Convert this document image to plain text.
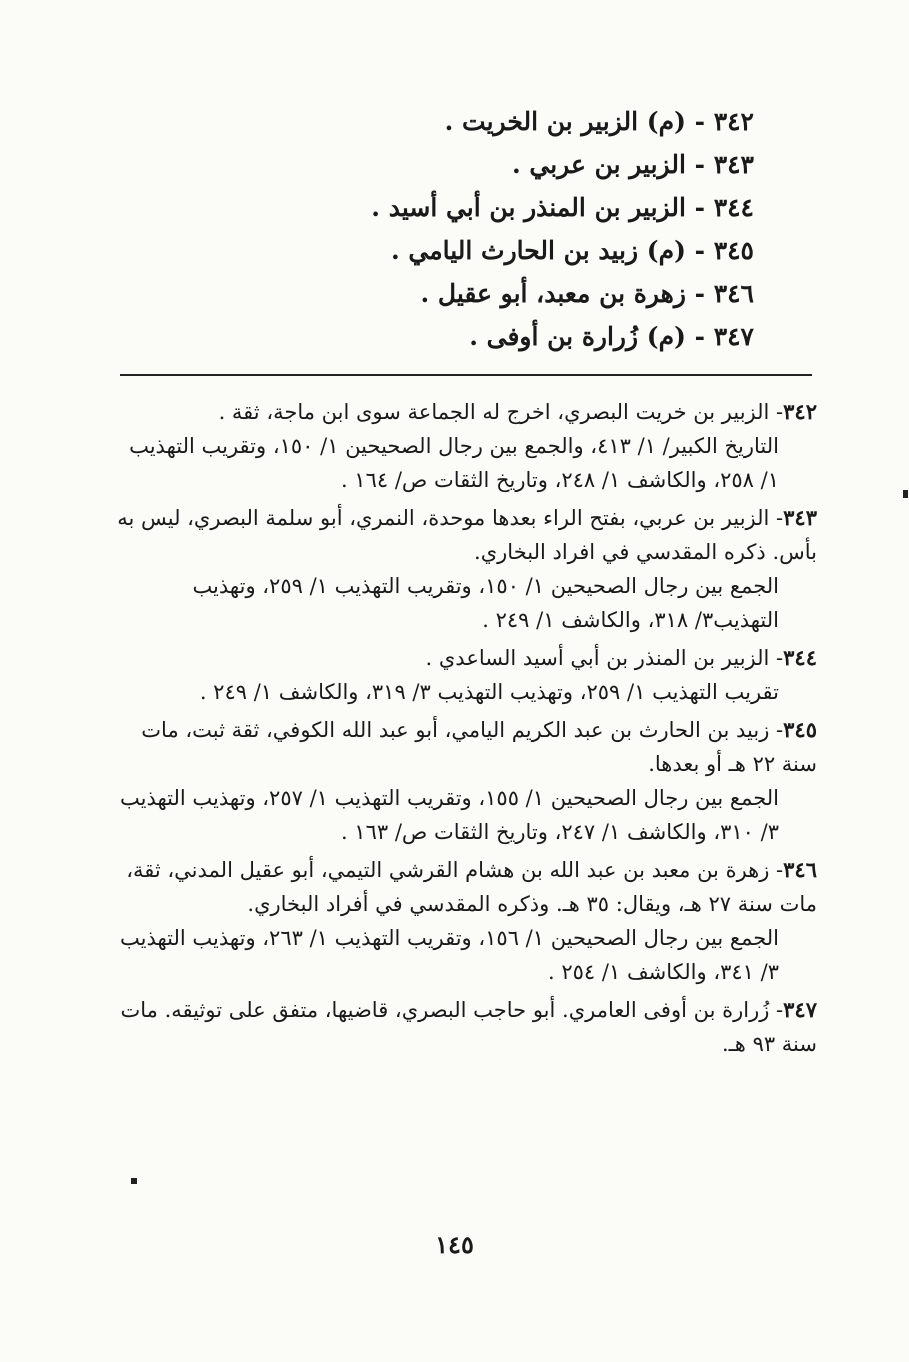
٣٤٢ - (م) الزبير بن الخريت .
٣٤٣ - الزبير بن عربي .
٣٤٤ - الزبير بن المنذر بن أبي أسيد .
٣٤٥ - (م) زبيد بن الحارث اليامي .
٣٤٦ - زهرة بن معبد، أبو عقيل .
٣٤٧ - (م) زُرارة بن أوفى .

٣٤٢- الزبير بن خريت البصري، اخرج له الجماعة سوى ابن ماجة، ثقة .

التاريخ الكبير/ ١/ ٤١٣، والجمع بين رجال الصحيحين ١/ ١٥٠، وتقريب التهذيب ١/ ٢٥٨، والكاشف ١/ ٢٤٨، وتاريخ الثقات ص/ ١٦٤ .

٣٤٣- الزبير بن عربي، بفتح الراء بعدها موحدة، النمري، أبو سلمة البصري، ليس به بأس. ذكره المقدسي في افراد البخاري.

الجمع بين رجال الصحيحين ١/ ١٥٠، وتقريب التهذيب ١/ ٢٥٩، وتهذيب التهذيب٣/ ٣١٨، والكاشف ١/ ٢٤٩ .

٣٤٤- الزبير بن المنذر بن أبي أسيد الساعدي .

تقريب التهذيب ١/ ٢٥٩، وتهذيب التهذيب ٣/ ٣١٩، والكاشف ١/ ٢٤٩ .

٣٤٥- زبيد بن الحارث بن عبد الكريم اليامي، أبو عبد الله الكوفي، ثقة ثبت، مات سنة ٢٢ هـ أو بعدها.

الجمع بين رجال الصحيحين ١/ ١٥٥، وتقريب التهذيب ١/ ٢٥٧، وتهذيب التهذيب ٣/ ٣١٠، والكاشف ١/ ٢٤٧، وتاريخ الثقات ص/ ١٦٣ .

٣٤٦- زهرة بن معبد بن عبد الله بن هشام القرشي التيمي، أبو عقيل المدني، ثقة، مات سنة ٢٧ هـ، ويقال: ٣٥ هـ. وذكره المقدسي في أفراد البخاري.

الجمع بين رجال الصحيحين ١/ ١٥٦، وتقريب التهذيب ١/ ٢٦٣، وتهذيب التهذيب ٣/ ٣٤١، والكاشف ١/ ٢٥٤ .

٣٤٧- زُرارة بن أوفى العامري. أبو حاجب البصري، قاضيها، متفق على توثيقه. مات سنة ٩٣ هـ.

١٤٥
